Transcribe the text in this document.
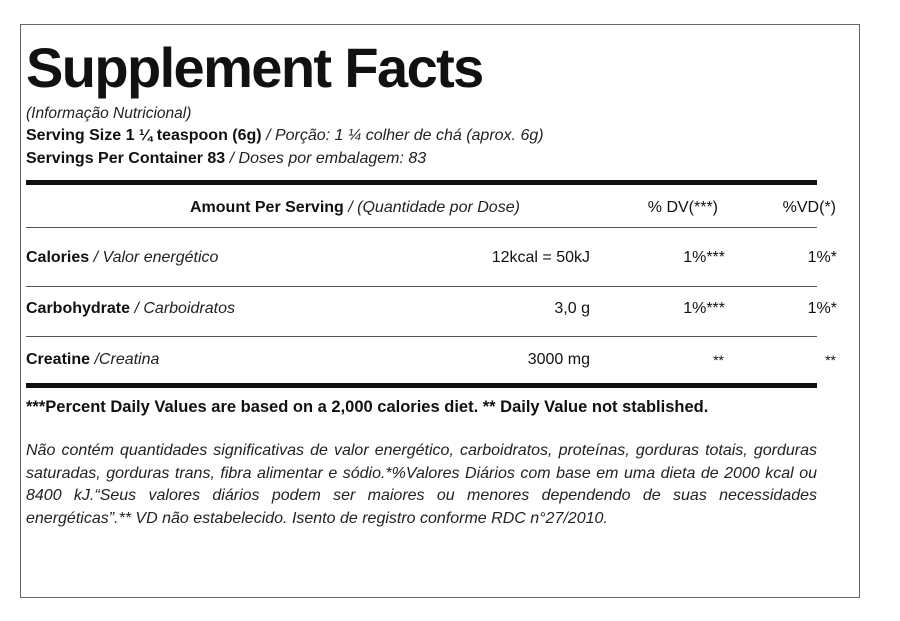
Supplement Facts
(Informação Nutricional)
Serving Size 1 ¼ teaspoon (6g) / Porção: 1 ¼ colher de chá (aprox. 6g)
Servings Per Container 83 / Doses por embalagem: 83
Amount Per Serving / (Quantidade por Dose)	% DV(***)	%VD(*)
Calories / Valor energético	12kcal = 50kJ	1%***	1%*
Carbohydrate / Carboidratos	3,0 g	1%***	1%*
Creatine /Creatina	3000 mg	**	**
***Percent Daily Values are based on a 2,000 calories diet. ** Daily Value not stablished.
Não contém quantidades significativas de valor energético, carboidratos, proteínas, gorduras totais, gorduras saturadas, gorduras trans, fibra alimentar e sódio.*%Valores Diários com base em uma dieta de 2000 kcal ou 8400 kJ.“Seus valores diários podem ser maiores ou menores dependendo de suas necessidades energéticas”.** VD não estabelecido. Isento de registro conforme RDC n°27/2010.
